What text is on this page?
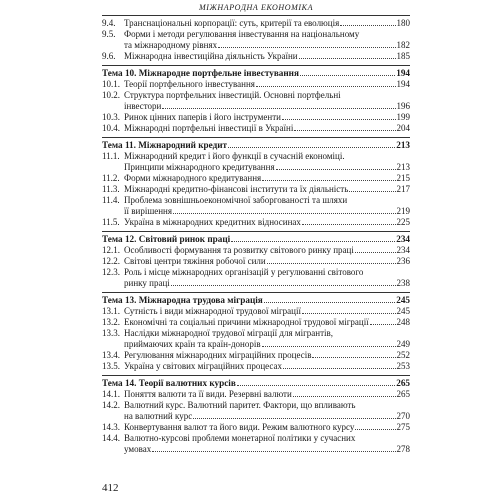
МІЖНАРОДНА ЕКОНОМІКА
9.4. Транснаціональні корпорації: суть, критерії та еволюція	180
9.5. Форми і методи регулювання інвестування на національному
та міжнародному рівнях	182
9.6. Міжнародна інвестиційна діяльність України	185
Тема 10. Міжнародне портфельне інвестування	194
10.1. Теорії портфельного інвестування	194
10.2. Структура портфельних інвестицій. Основні портфельні
інвестори	196
10.3. Ринок цінних паперів і його інструменти	199
10.4. Міжнародні портфельні інвестиції в Україні	204
Тема 11. Міжнародний кредит	213
11.1. Міжнародний кредит і його функції в сучасній економіці.
Принципи міжнародного кредитування	213
11.2. Форми міжнародного кредитування	215
11.3. Міжнародні кредитно-фінансові інститути та їх діяльність	217
11.4. Проблема зовнішньоекономічної заборгованості та шляхи
її вирішення	219
11.5. Україна в міжнародних кредитних відносинах	225
Тема 12. Світовий ринок праці	234
12.1. Особливості формування та розвитку світового ринку праці	234
12.2. Світові центри тяжіння робочої сили	236
12.3. Роль і місце міжнародних організацій у регулюванні світового
ринку праці	238
Тема 13. Міжнародна трудова міграція	245
13.1. Сутність і види міжнародної трудової міграції	245
13.2. Економічні та соціальні причини міжнародної трудової міграції	248
13.3. Наслідки міжнародної трудової міграції для мігрантів,
приймаючих країн та країн-донорів	249
13.4. Регулювання міжнародних міграційних процесів	252
13.5. Україна у світових міграційних процесах	253
Тема 14. Теорії валютних курсів	265
14.1. Поняття валюти та її види. Резервні валюти	265
14.2. Валютний курс. Валютний паритет. Фактори, що впливають
на валютний курс	270
14.3. Конвертування валют та його види. Режим валютного курсу	275
14.4. Валютно-курсові проблеми монетарної політики у сучасних
умовах	278
412
